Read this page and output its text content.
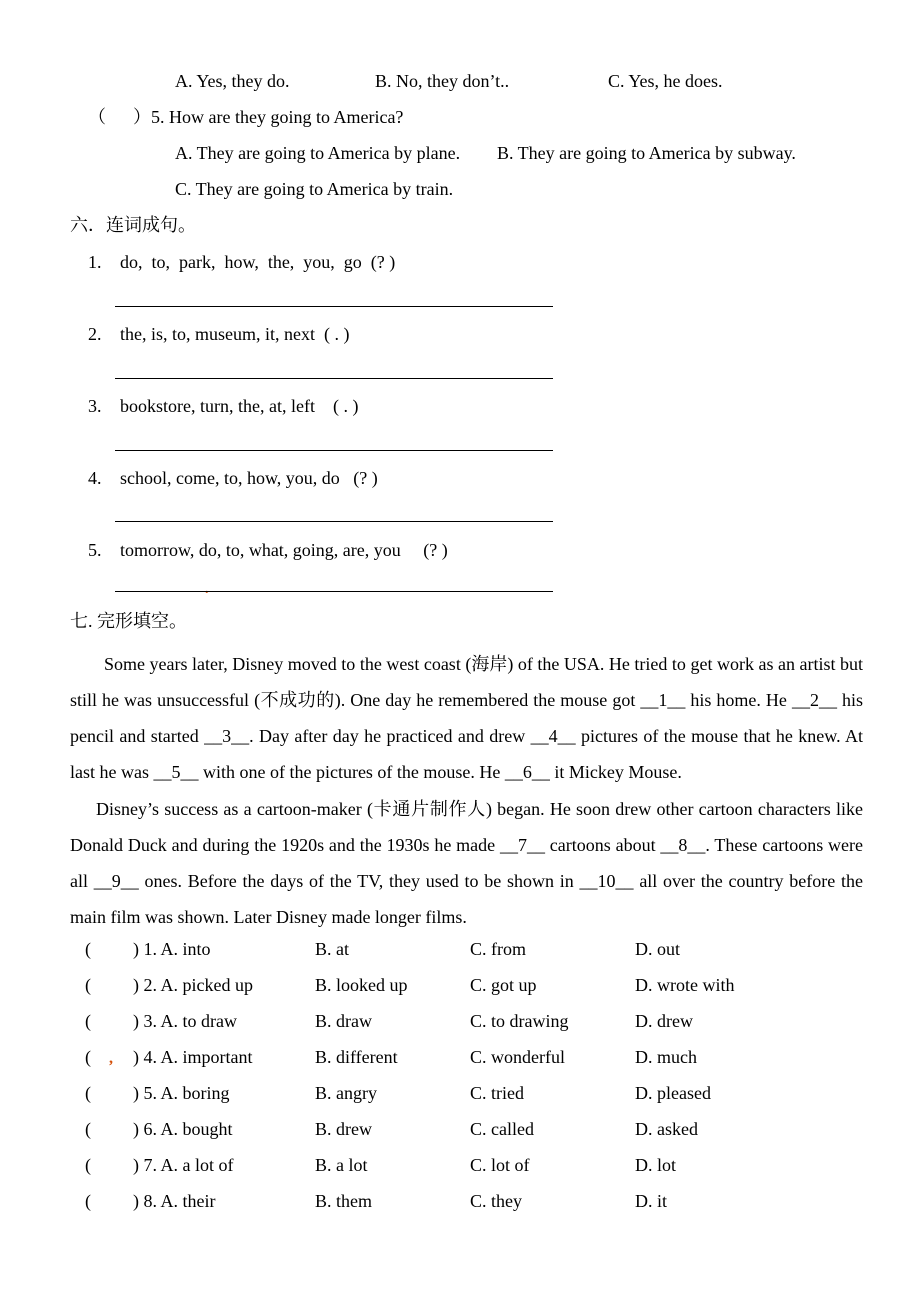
A. Yes, they do.	B. No, they don’t..	C. Yes, he does.
（      ）5. How are they going to America?
A. They are going to America by plane. B. They are going to America by subway.
C. They are going to America by train.
六．连词成句。
1. do,  to,  park,  how,  the,  you,  go  (? )
2. the, is, to, museum, it, next  ( . )
3. bookstore, turn, the, at, left    ( . )
4. school, come, to, how, you, do   (? )
5. tomorrow, do, to, what, going, are, you     (? )
.
七. 完形填空。
Some years later, Disney moved to the west coast (海岸) of the USA. He tried to get work as an artist but still he was unsuccessful (不成功的). One day he remembered the mouse got __1__ his home. He __2__ his pencil and started __3__. Day after day he practiced and drew __4__ pictures of the mouse that he knew. At last he was __5__ with one of the pictures of the mouse. He __6__ it Mickey Mouse.
Disney’s success as a cartoon-maker (卡通片制作人) began. He soon drew other cartoon characters like Donald Duck and during the 1920s and the 1930s he made __7__ cartoons about __8__. These cartoons were all __9__ ones. Before the days of the TV, they used to be shown in __10__ all over the country before the main film was shown. Later Disney made longer films.
( ) 1. A. into	B. at	C. from	D. out
( ) 2. A. picked up	B. looked up	C. got up	D. wrote with
( ) 3. A. to draw	B. draw	C. to drawing	D. drew
( , ) 4. A. important	B. different	C. wonderful	D. much
( ) 5. A. boring	B. angry	C. tried	D. pleased
( ) 6. A. bought	B. drew	C. called	D. asked
( ) 7. A. a lot of	B. a lot	C. lot of	D. lot
( ) 8. A. their	B. them	C. they	D. it
